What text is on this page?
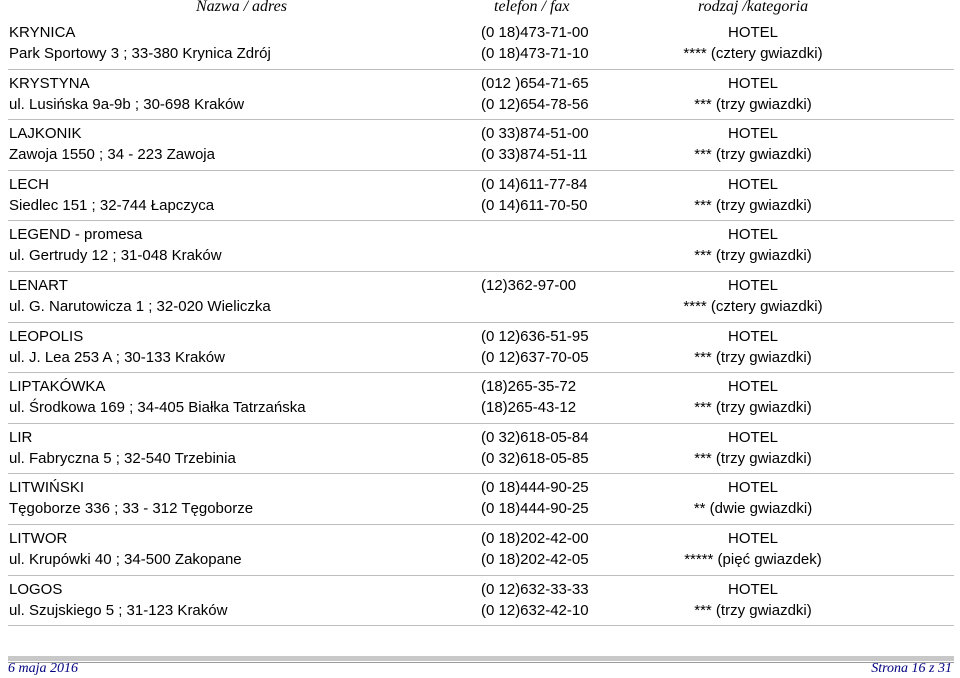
Nazwa / adres	telefon / fax	rodzaj /kategoria
KRYNICA
Park Sportowy 3 ; 33-380 Krynica Zdrój
(0 18)473-71-00
(0 18)473-71-10
HOTEL
**** (cztery gwiazdki)
KRYSTYNA
ul. Lusińska 9a-9b ; 30-698 Kraków
(012 )654-71-65
(0 12)654-78-56
HOTEL
*** (trzy gwiazdki)
LAJKONIK
Zawoja 1550 ; 34 - 223 Zawoja
(0 33)874-51-00
(0 33)874-51-11
HOTEL
*** (trzy gwiazdki)
LECH
Siedlec 151 ; 32-744 Łapczyca
(0 14)611-77-84
(0 14)611-70-50
HOTEL
*** (trzy gwiazdki)
LEGEND - promesa
ul. Gertrudy 12 ; 31-048 Kraków
HOTEL
*** (trzy gwiazdki)
LENART
ul. G. Narutowicza 1 ; 32-020 Wieliczka
(12)362-97-00	HOTEL
**** (cztery gwiazdki)
LEOPOLIS
ul. J. Lea 253 A ; 30-133 Kraków
(0 12)636-51-95
(0 12)637-70-05
HOTEL
*** (trzy gwiazdki)
LIPTAKÓWKA
ul. Środkowa 169 ; 34-405 Białka Tatrzańska
(18)265-35-72
(18)265-43-12
HOTEL
*** (trzy gwiazdki)
LIR
ul. Fabryczna 5 ; 32-540 Trzebinia
(0 32)618-05-84
(0 32)618-05-85
HOTEL
*** (trzy gwiazdki)
LITWIŃSKI
Tęgoborze 336 ; 33 - 312 Tęgoborze
(0 18)444-90-25
(0 18)444-90-25
HOTEL
** (dwie gwiazdki)
LITWOR
ul. Krupówki 40 ; 34-500 Zakopane
(0 18)202-42-00
(0 18)202-42-05
HOTEL
***** (pięć gwiazdek)
LOGOS
ul. Szujskiego 5 ; 31-123 Kraków
(0 12)632-33-33
(0 12)632-42-10
HOTEL
*** (trzy gwiazdki)
6 maja 2016	Strona 16 z 31
